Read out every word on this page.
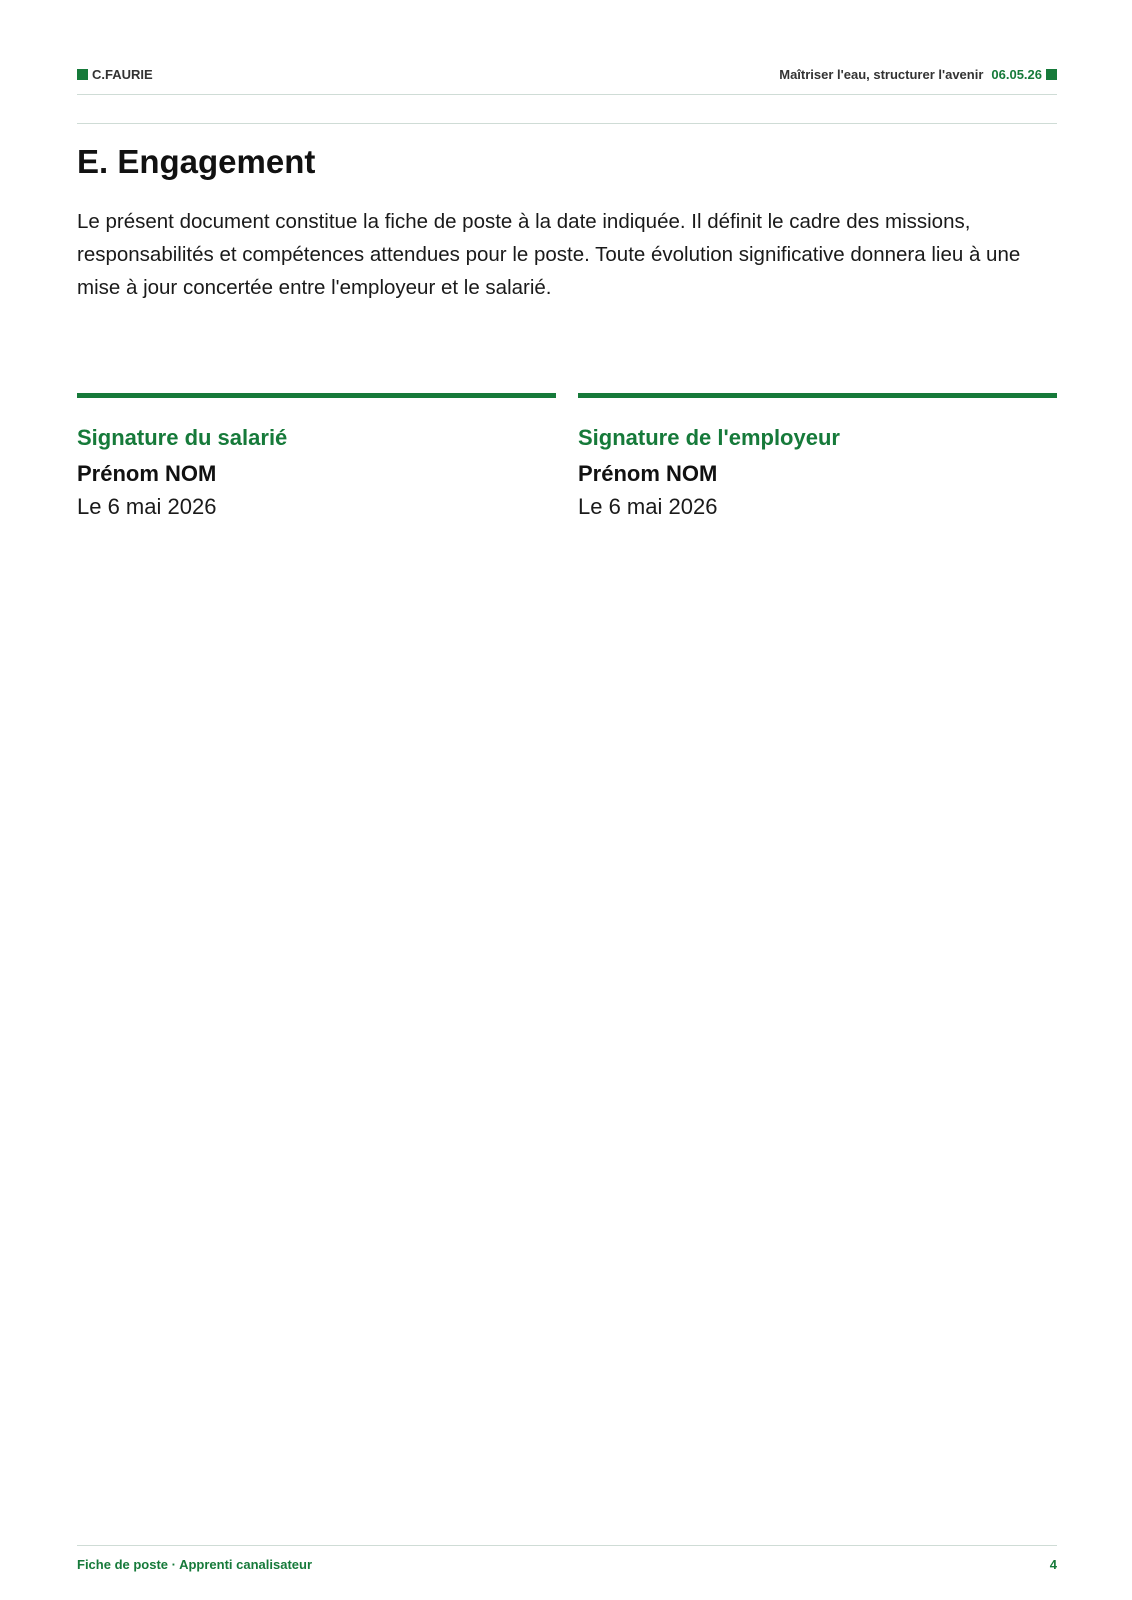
C.FAURIE	Maîtriser l'eau, structurer l'avenir 06.05.26
E. Engagement

Le présent document constitue la fiche de poste à la date indiquée. Il définit le cadre des missions, responsabilités et compétences attendues pour le poste. Toute évolution significative donnera lieu à une mise à jour concertée entre l'employeur et le salarié.

Signature du salarié
Prénom NOM
Le 6 mai 2026
Signature de l'employeur
Prénom NOM
Le 6 mai 2026
Fiche de poste · Apprenti canalisateur	4
